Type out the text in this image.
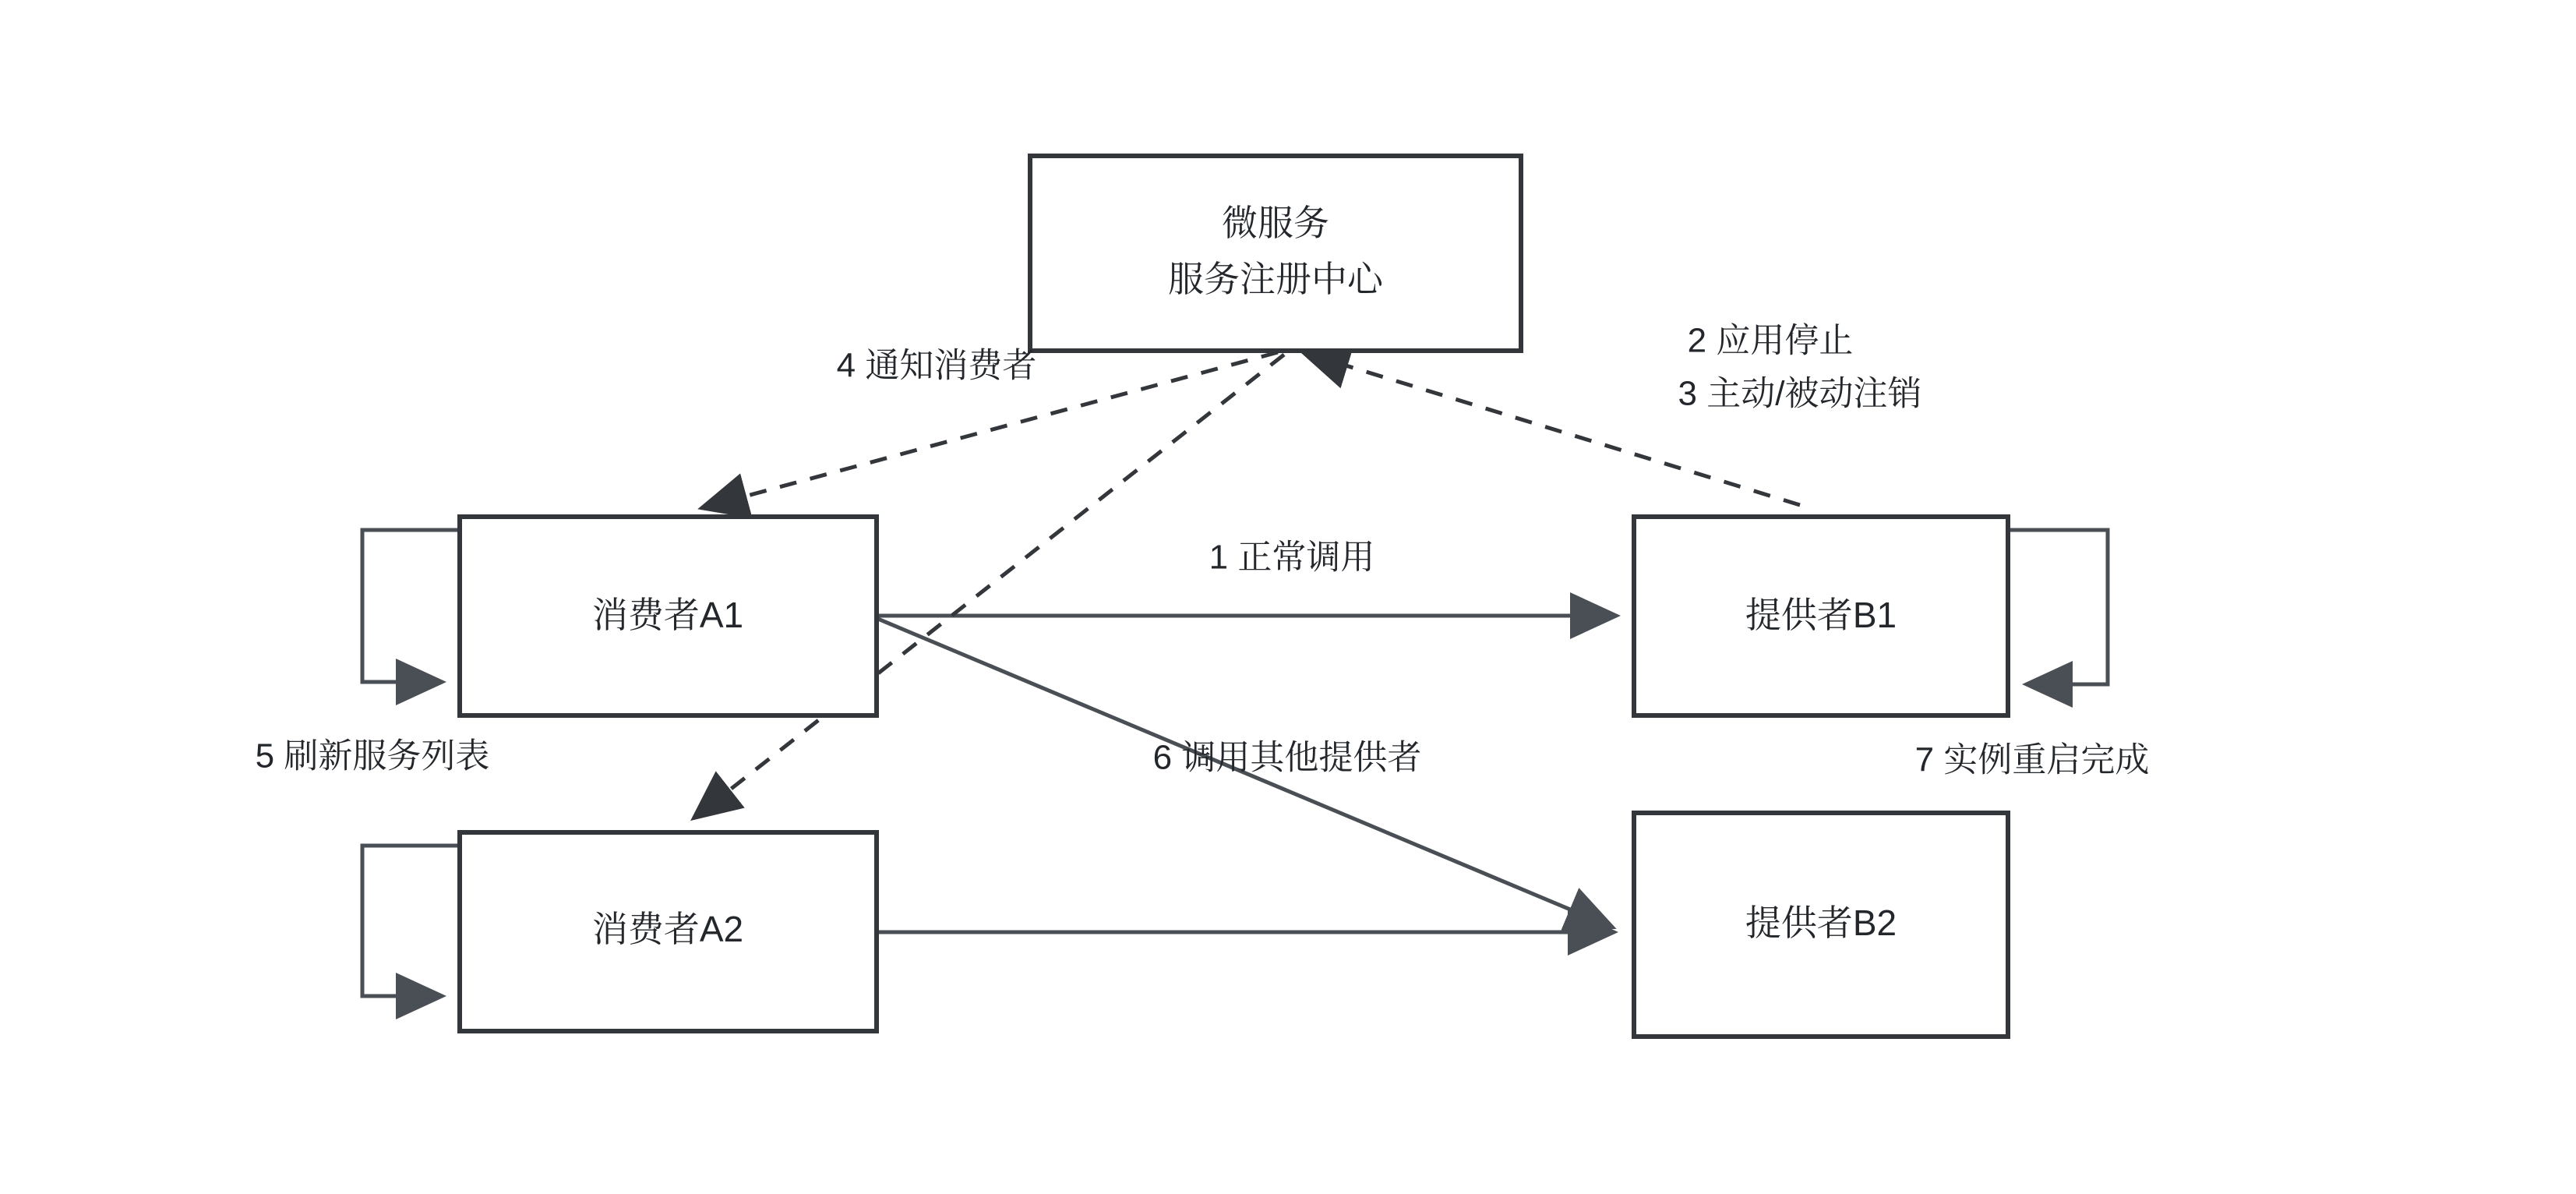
微服务
服务注册中心
消费者A1	提供者B1
消费者A2	提供者B2
1 正常调用
2 应用停止
3 主动/被动注销
4 通知消费者
5 刷新服务列表	6 调用其他提供者	7 实例重启完成
